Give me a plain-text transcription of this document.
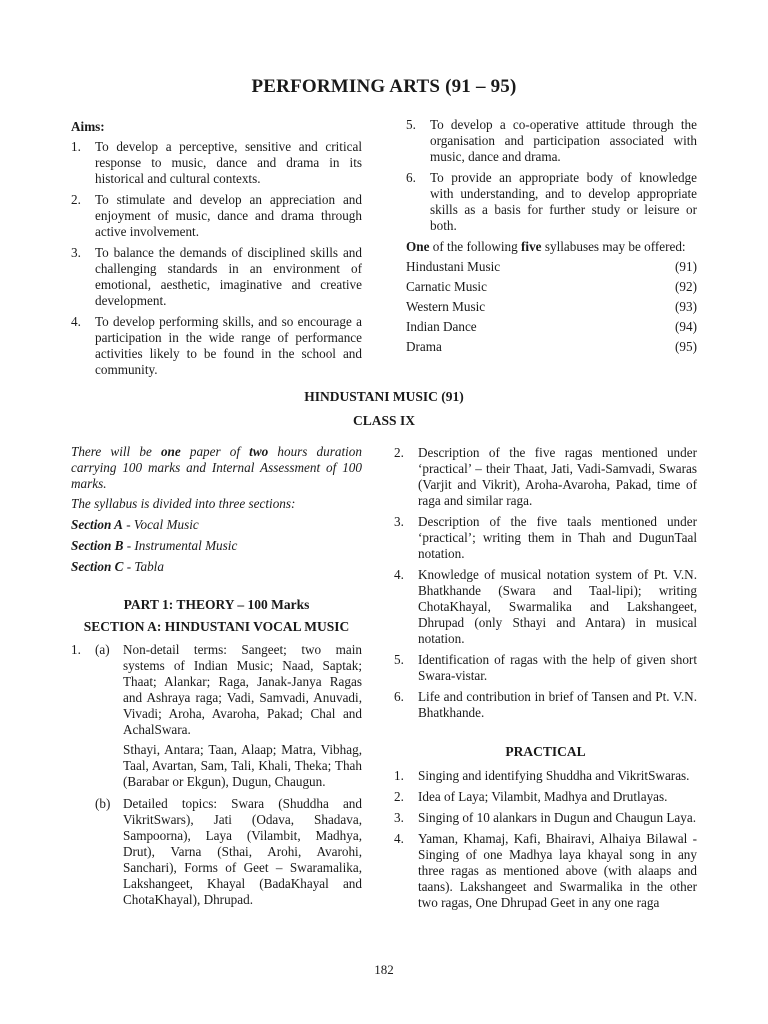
PERFORMING ARTS (91 – 95)
Aims:
1.	To develop a perceptive, sensitive and critical response to music, dance and drama in its historical and cultural contexts.
2.	To stimulate and develop an appreciation and enjoyment of music, dance and drama through active involvement.
3.	To balance the demands of disciplined skills and challenging standards in an environment of emotional, aesthetic, imaginative and creative development.
4.	To develop performing skills, and so encourage a participation in the wide range of performance activities likely to be found in the school and community.
5.	To develop a co-operative attitude through the organisation and participation associated with music, dance and drama.
6.	To provide an appropriate body of knowledge with understanding, and to develop appropriate skills as a basis for further study or leisure or both.
One of the following five syllabuses may be offered:
Hindustani Music	(91)
Carnatic Music	(92)
Western Music	(93)
Indian Dance	(94)
Drama	(95)
HINDUSTANI MUSIC (91)
CLASS IX
There will be one paper of two hours duration carrying 100 marks and Internal Assessment of 100 marks.
The syllabus is divided into three sections:
Section A - Vocal Music
Section B - Instrumental Music
Section C - Tabla
PART 1: THEORY – 100 Marks
SECTION A: HINDUSTANI VOCAL MUSIC
1.	(a)	Non-detail terms: Sangeet; two main systems of Indian Music; Naad, Saptak; Thaat; Alankar; Raga, Janak-Janya Ragas and Ashraya raga; Vadi, Samvadi, Anuvadi, Vivadi; Aroha, Avaroha, Pakad; Chal and AchalSwara.
Sthayi, Antara; Taan, Alaap; Matra, Vibhag, Taal, Avartan, Sam, Tali, Khali, Theka; Thah (Barabar or Ekgun), Dugun, Chaugun.
(b) Detailed topics: Swara (Shuddha and VikritSwars), Jati (Odava, Shadava, Sampoorna), Laya (Vilambit, Madhya, Drut), Varna (Sthai, Arohi, Avarohi, Sanchari), Forms of Geet – Swaramalika, Lakshangeet, Khayal (BadaKhayal and ChotaKhayal), Dhrupad.
2.	Description of the five ragas mentioned under ‘practical’ – their Thaat, Jati, Vadi-Samvadi, Swaras (Varjit and Vikrit), Aroha-Avaroha, Pakad, time of raga and similar raga.
3.	Description of the five taals mentioned under ‘practical’; writing them in Thah and DugunTaal notation.
4.	Knowledge of musical notation system of Pt. V.N. Bhatkhande (Swara and Taal-lipi); writing ChotaKhayal, Swarmalika and Lakshangeet, Dhrupad (only Sthayi and Antara) in musical notation.
5.	Identification of ragas with the help of given short Swara-vistar.
6.	Life and contribution in brief of Tansen and Pt. V.N. Bhatkhande.
PRACTICAL
1.	Singing and identifying Shuddha and VikritSwaras.
2.	Idea of Laya; Vilambit, Madhya and Drutlayas.
3.	Singing of 10 alankars in Dugun and Chaugun Laya.
4.	Yaman, Khamaj, Kafi, Bhairavi, Alhaiya Bilawal - Singing of one Madhya laya khayal song in any three ragas as mentioned above (with alaaps and taans). Lakshangeet and Swarmalika in the other two ragas, One Dhrupad Geet in any one raga
182
